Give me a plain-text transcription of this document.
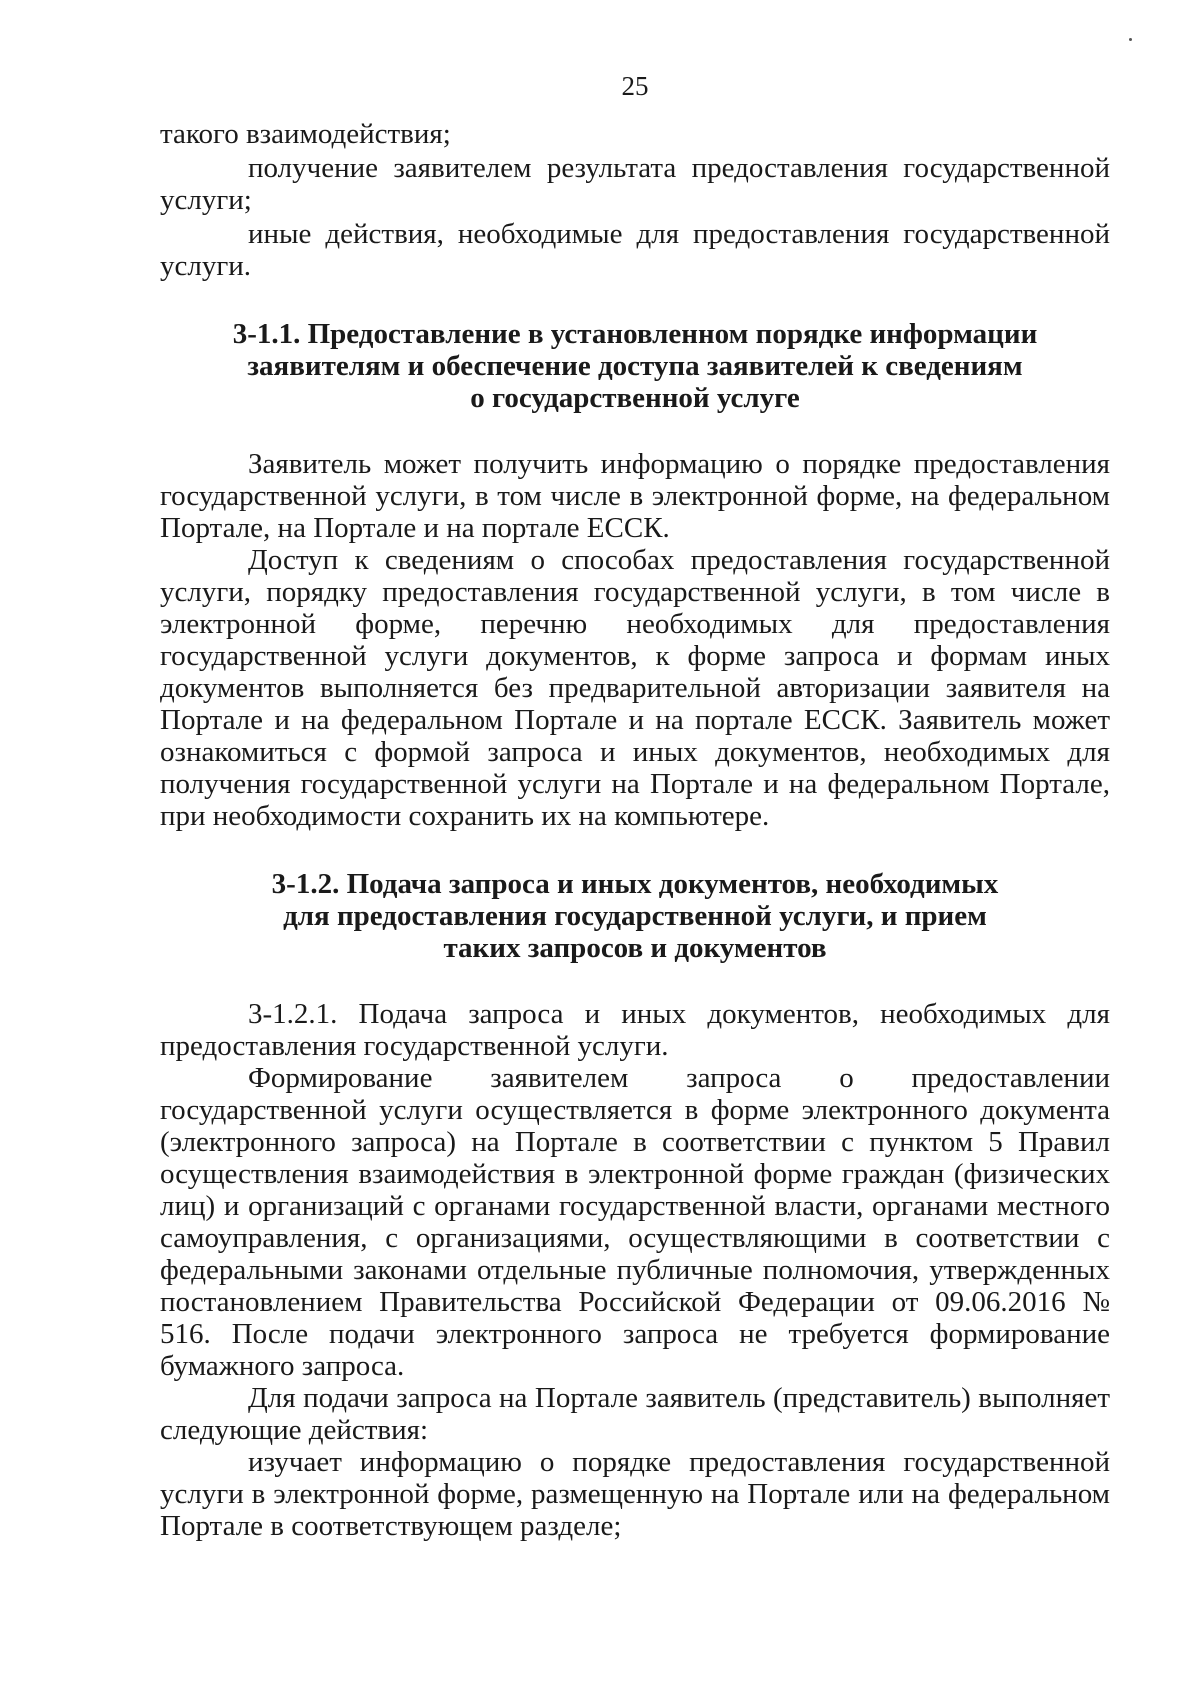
25

такого взаимодействия;

получение заявителем результата предоставления государственной услуги;

иные действия, необходимые для предоставления государственной услуги.

3-1.1. Предоставление в установленном порядке информации
заявителям и обеспечение доступа заявителей к сведениям
о государственной услуге

Заявитель может получить информацию о порядке предоставления государственной услуги, в том числе в электронной форме, на федеральном Портале, на Портале и на портале ЕССК.

Доступ к сведениям о способах предоставления государственной услуги, порядку предоставления государственной услуги, в том числе в электронной форме, перечню необходимых для предоставления государственной услуги документов, к форме запроса и формам иных документов выполняется без предварительной авторизации заявителя на Портале и на федеральном Портале и на портале ЕССК. Заявитель может ознакомиться с формой запроса и иных документов, необходимых для получения государственной услуги на Портале и на федеральном Портале, при необходимости сохранить их на компьютере.

3-1.2. Подача запроса и иных документов, необходимых
для предоставления государственной услуги, и прием
таких запросов и документов

3-1.2.1. Подача запроса и иных документов, необходимых для предоставления государственной услуги.

Формирование заявителем запроса о предоставлении государственной услуги осуществляется в форме электронного документа (электронного запроса) на Портале в соответствии с пунктом 5 Правил осуществления взаимодействия в электронной форме граждан (физических лиц) и организаций с органами государственной власти, органами местного самоуправления, с организациями, осуществляющими в соответствии с федеральными законами отдельные публичные полномочия, утвержденных постановлением Правительства Российской Федерации от 09.06.2016 № 516. После подачи электронного запроса не требуется формирование бумажного запроса.

Для подачи запроса на Портале заявитель (представитель) выполняет следующие действия:

изучает информацию о порядке предоставления государственной услуги в электронной форме, размещенную на Портале или на федеральном Портале в соответствующем разделе;
